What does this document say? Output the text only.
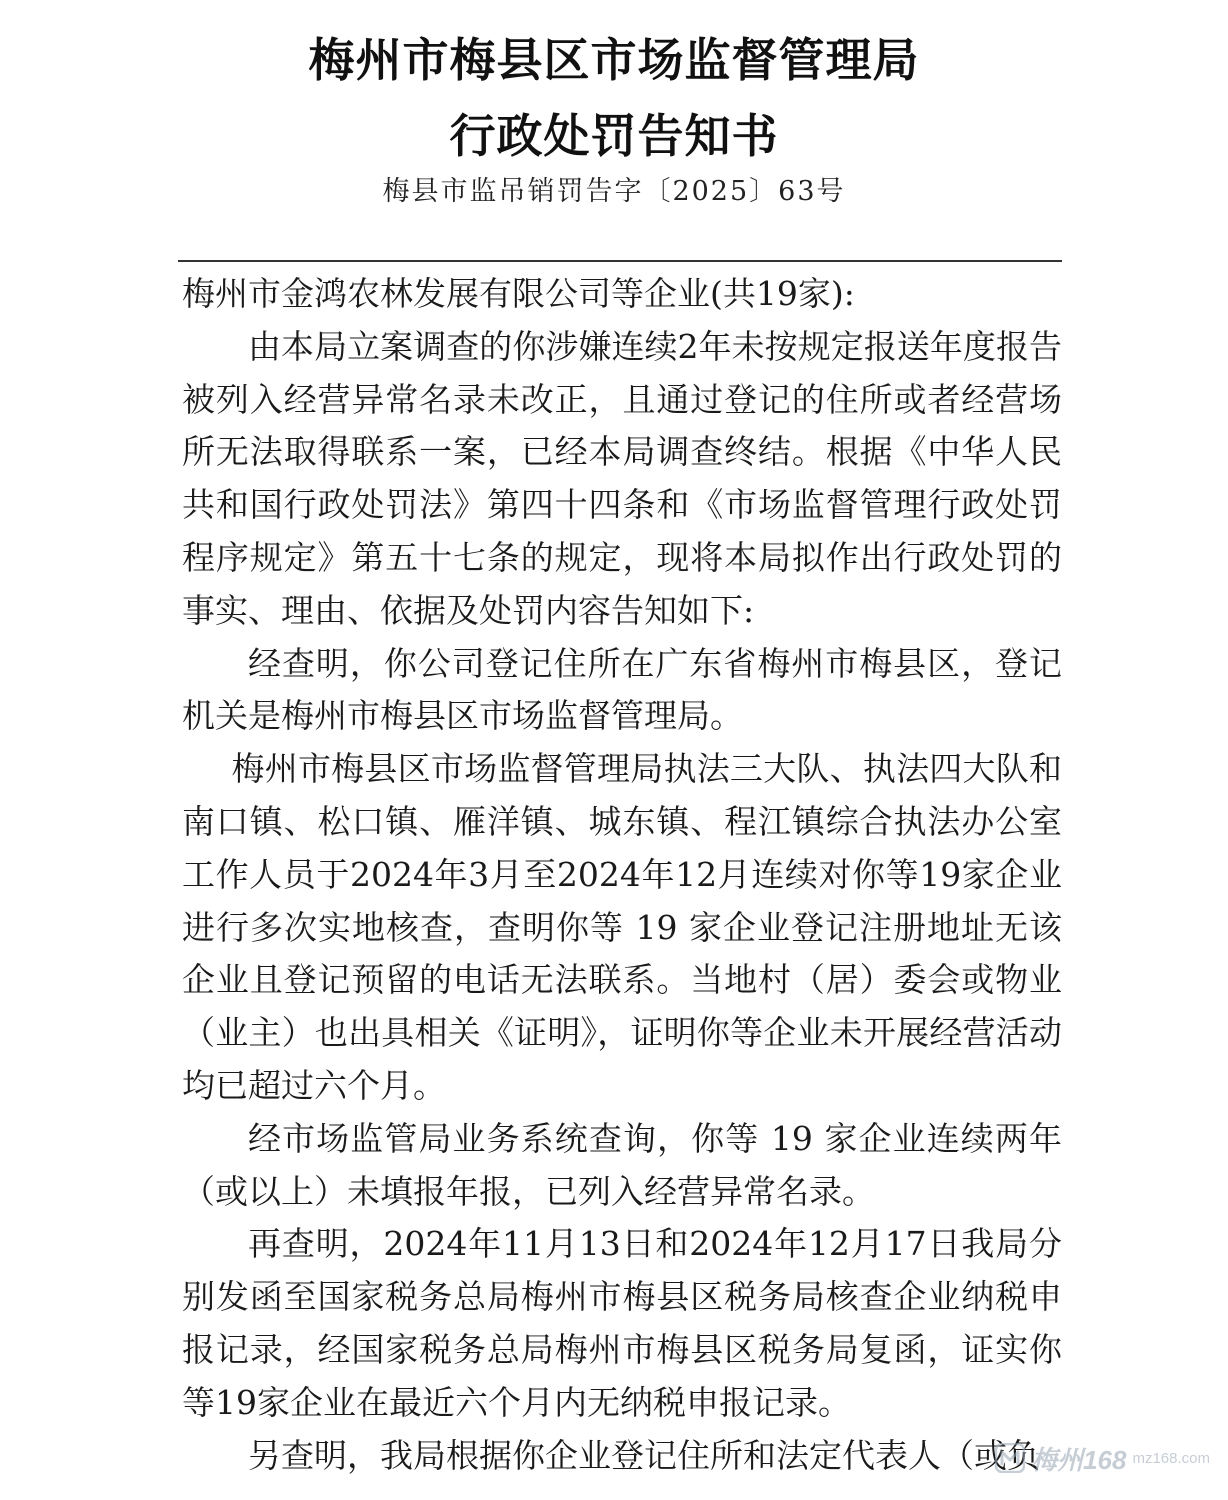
梅州市梅县区市场监督管理局
行政处罚告知书
梅县市监吊销罚告字〔2025〕63号

梅州市金鸿农林发展有限公司等企业(共19家):

由本局立案调查的你涉嫌连续2年未按规定报送年度报告被列入经营异常名录未改正，且通过登记的住所或者经营场所无法取得联系一案，已经本局调查终结。根据《中华人民共和国行政处罚法》第四十四条和《市场监督管理行政处罚程序规定》第五十七条的规定，现将本局拟作出行政处罚的事实、理由、依据及处罚内容告知如下:

经查明，你公司登记住所在广东省梅州市梅县区，登记机关是梅州市梅县区市场监督管理局。

梅州市梅县区市场监督管理局执法三大队、执法四大队和南口镇、松口镇、雁洋镇、城东镇、程江镇综合执法办公室工作人员于2024年3月至2024年12月连续对你等19家企业进行多次实地核查，查明你等 19 家企业登记注册地址无该企业且登记预留的电话无法联系。当地村（居）委会或物业（业主）也出具相关《证明》，证明你等企业未开展经营活动均已超过六个月。

经市场监管局业务系统查询，你等 19 家企业连续两年（或以上）未填报年报，已列入经营异常名录。

再查明，2024年11月13日和2024年12月17日我局分别发函至国家税务总局梅州市梅县区税务局核查企业纳税申报记录，经国家税务总局梅州市梅县区税务局复函，证实你等19家企业在最近六个月内无纳税申报记录。

另查明，我局根据你企业登记住所和法定代表人（或负

梅州168 mz168.com
